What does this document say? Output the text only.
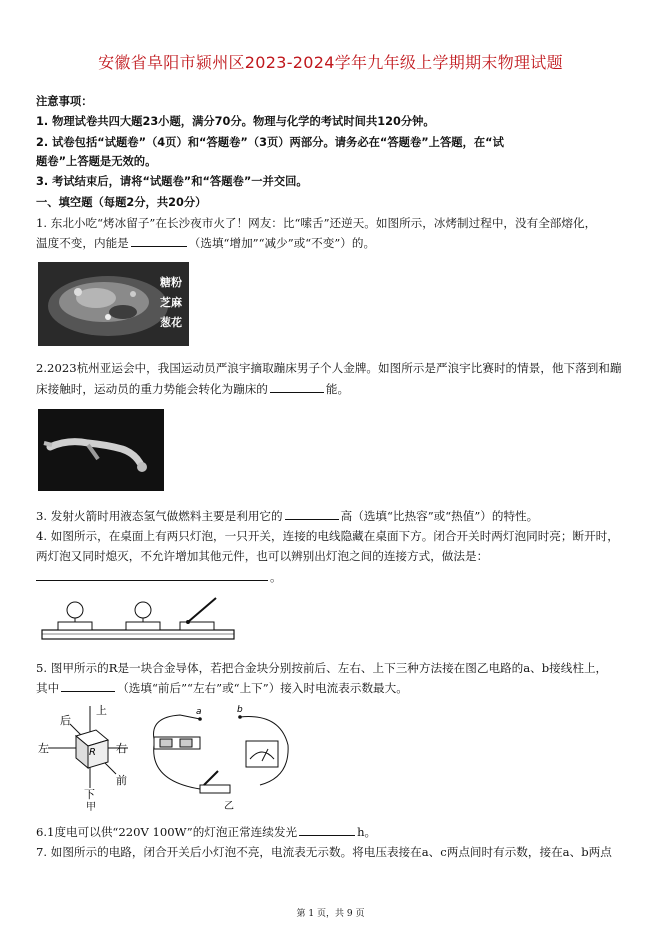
安徽省阜阳市颍州区2023-2024学年九年级上学期期末物理试题
注意事项：
1. 物理试卷共四大题23小题，满分70分。物理与化学的考试时间共120分钟。
2. 试卷包括“试题卷”（4页）和“答题卷”（3页）两部分。请务必在“答题卷”上答题，在“试
题卷”上答题是无效的。
3. 考试结束后，请将“试题卷”和“答题卷”一并交回。
一、填空题（每题2分，共20分）
1. 东北小吃“烤冰留子”在长沙夜市火了！网友：比“嗦舌”还逆天。如图所示，冰烤制过程中，没有全部熔化，
温度不变，内能是	（选填“增加”“减少”或“不变”）的。
糖粉
芝麻
葱花
2.2023杭州亚运会中，我国运动员严浪宇摘取蹦床男子个人金牌。如图所示是严浪宇比赛时的情景，他下落到和蹦
床接触时，运动员的重力势能会转化为蹦床的	能。
3. 发射火箭时用液态氢气做燃料主要是利用它的	高（选填“比热容”或“热值”）的特性。
4. 如图所示，在桌面上有两只灯泡，一只开关，连接的电线隐藏在桌面下方。闭合开关时两灯泡同时亮；断开时，
两灯泡又同时熄灭，不允许增加其他元件，也可以辨别出灯泡之间的连接方式，做法是：
。
5. 图甲所示的R是一块合金导体，若把合金块分别按前后、左右、上下三种方法接在图乙电路的a、b接线柱上，
其中	（选填“前后”“左右”或“上下”）接入时电流表示数最大。
上
后
左	右
前
下
R
甲
a	b
乙
6.1度电可以供“220V 100W”的灯泡正常连续发光	h。
7. 如图所示的电路，闭合开关后小灯泡不亮，电流表无示数。将电压表接在a、c两点间时有示数，接在a、b两点
第 1 页，共 9 页
